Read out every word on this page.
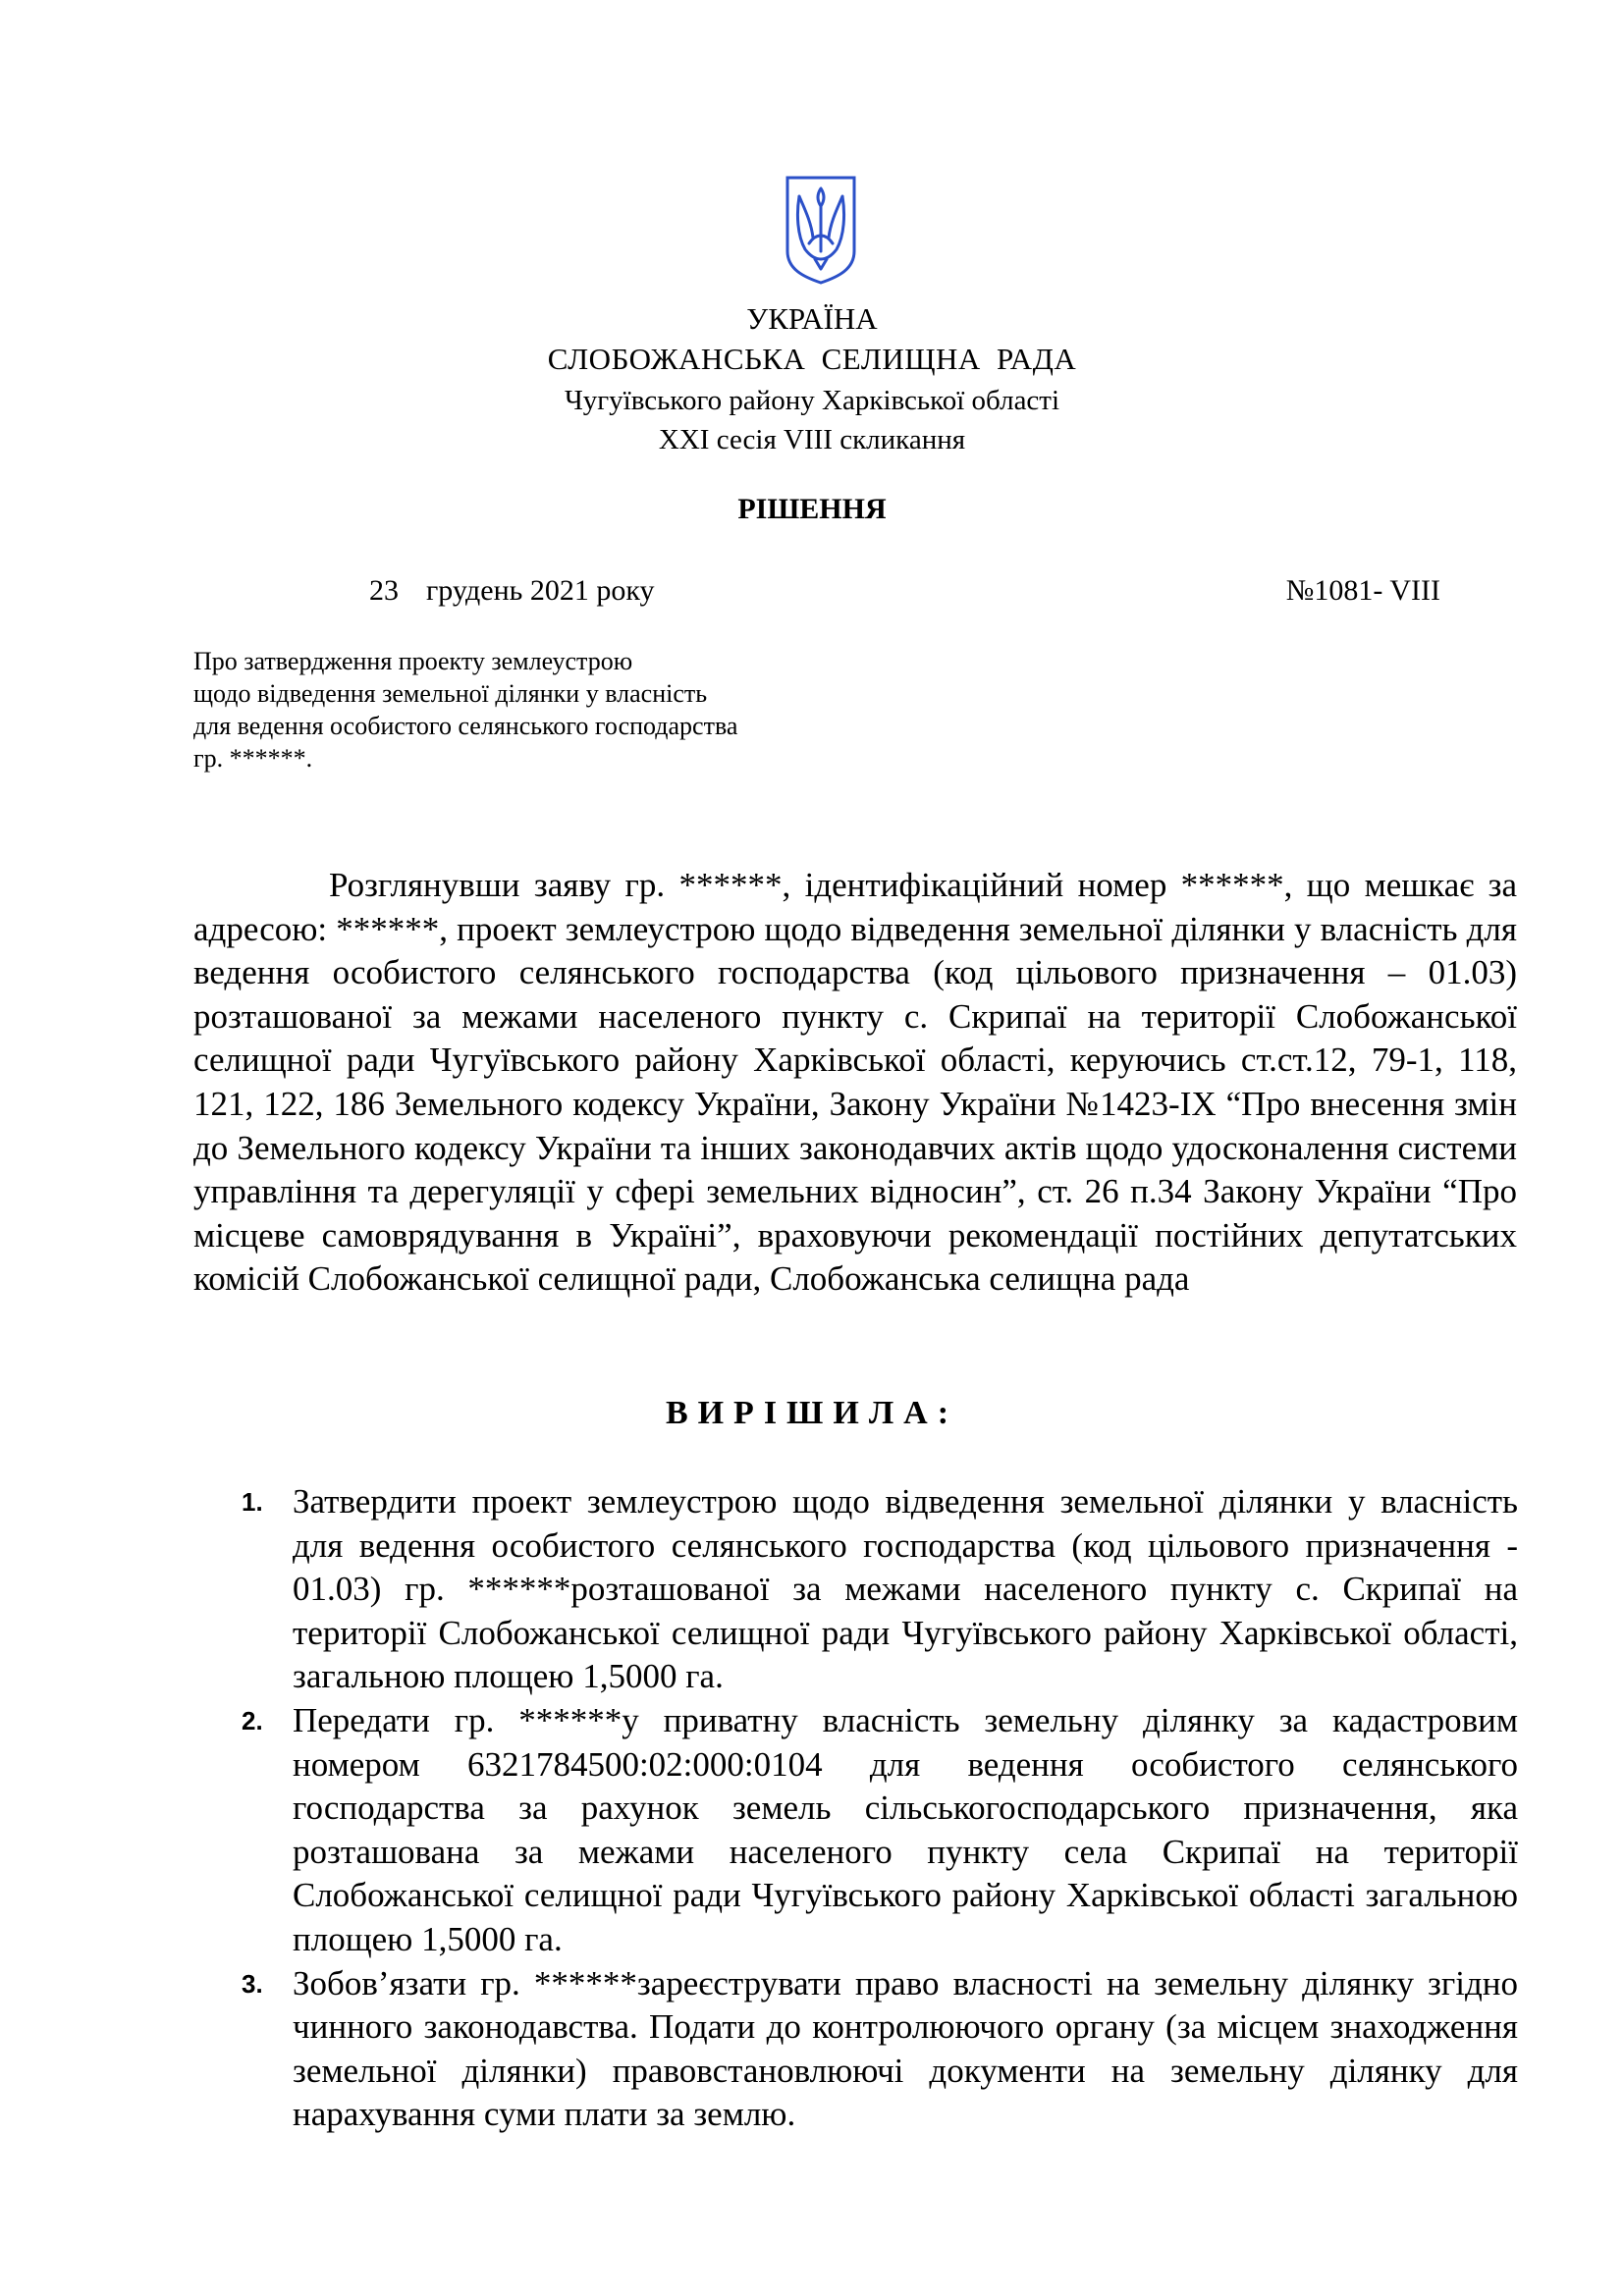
УКРАЇНА
СЛОБОЖАНСЬКА СЕЛИЩНА РАДА
Чугуївського району Харківської області
ХХІ сесія VIII скликання
РІШЕННЯ
23 грудень 2021 року	№1081- VIII
Про затвердження проекту землеустрою
щодо відведення земельної ділянки у власність
для ведення особистого селянського господарства
гр. ******.
Розглянувши заяву гр. ******, ідентифікаційний номер ******, що мешкає за адресою: ******, проект землеустрою щодо відведення земельної ділянки у власність для ведення особистого селянського господарства (код цільового призначення – 01.03) розташованої за межами населеного пункту с. Скрипаї на території Слобожанської селищної ради Чугуївського району Харківської області, керуючись ст.ст.12, 79-1, 118, 121, 122, 186 Земельного кодексу України, Закону України №1423-IX “Про внесення змін до Земельного кодексу України та інших законодавчих актів щодо удосконалення системи управління та дерегуляції у сфері земельних відносин”, ст. 26 п.34 Закону України “Про місцеве самоврядування в Україні”, враховуючи рекомендації постійних депутатських комісій Слобожанської селищної ради, Слобожанська селищна рада
ВИРІШИЛА:
1. Затвердити проект землеустрою щодо відведення земельної ділянки у власність для ведення особистого селянського господарства (код цільового призначення - 01.03) гр. ******розташованої за межами населеного пункту с. Скрипаї на території Слобожанської селищної ради Чугуївського району Харківської області, загальною площею 1,5000 га.
2. Передати гр. ******у приватну власність земельну ділянку за кадастровим номером 6321784500:02:000:0104 для ведення особистого селянського господарства за рахунок земель сільськогосподарського призначення, яка розташована за межами населеного пункту села Скрипаї на території Слобожанської селищної ради Чугуївського району Харківської області загальною площею 1,5000 га.
3. Зобов’язати гр. ******зареєструвати право власності на земельну ділянку згідно чинного законодавства. Подати до контролюючого органу (за місцем знаходження земельної ділянки) правовстановлюючі документи на земельну ділянку для нарахування суми плати за землю.
